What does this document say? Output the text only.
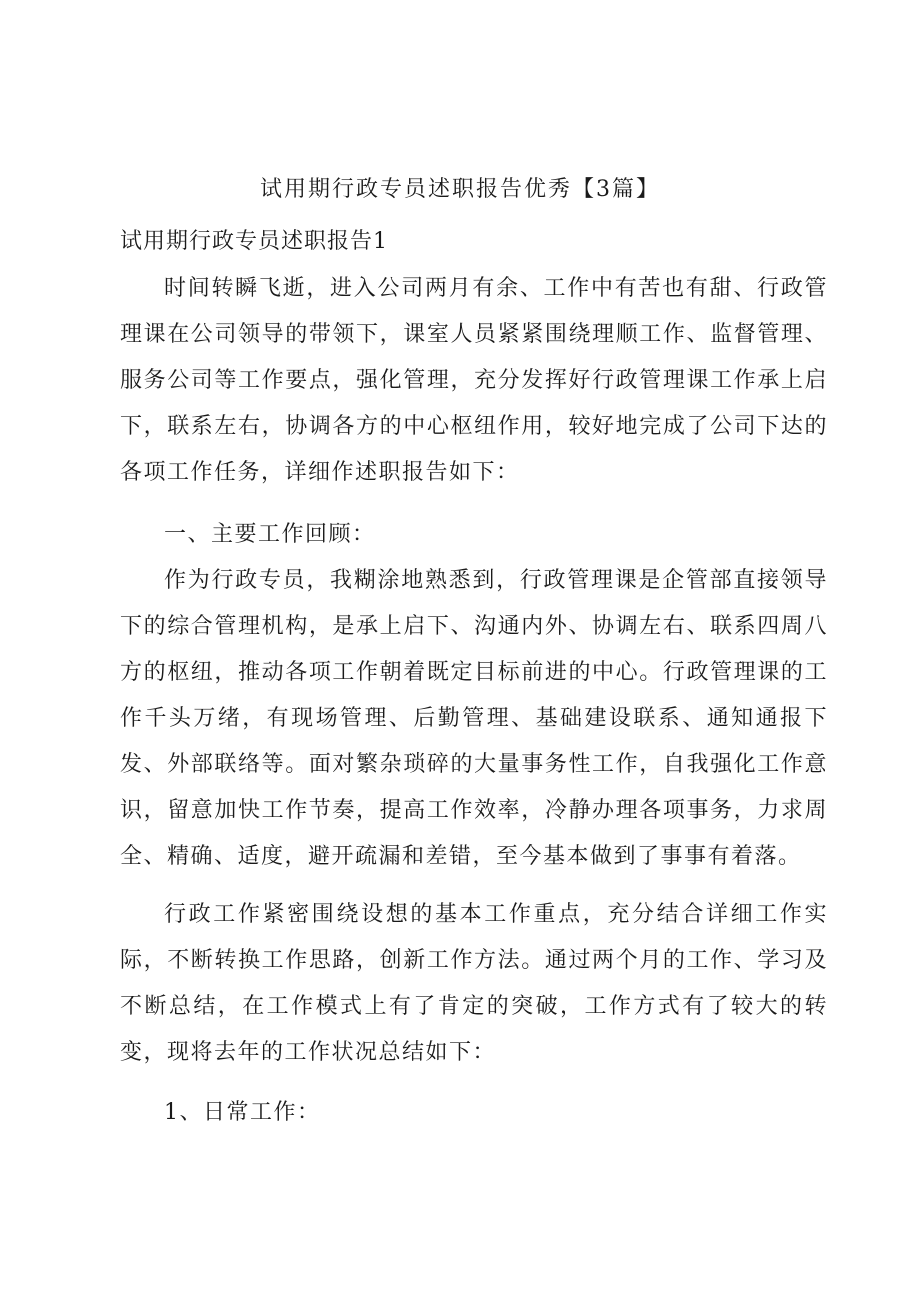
试用期行政专员述职报告优秀【3篇】
试用期行政专员述职报告1
时间转瞬飞逝，进入公司两月有余、工作中有苦也有甜、行政管理课在公司领导的带领下，课室人员紧紧围绕理顺工作、监督管理、服务公司等工作要点，强化管理，充分发挥好行政管理课工作承上启下，联系左右，协调各方的中心枢纽作用，较好地完成了公司下达的各项工作任务，详细作述职报告如下：
一、主要工作回顾：
作为行政专员，我糊涂地熟悉到，行政管理课是企管部直接领导下的综合管理机构，是承上启下、沟通内外、协调左右、联系四周八方的枢纽，推动各项工作朝着既定目标前进的中心。行政管理课的工作千头万绪，有现场管理、后勤管理、基础建设联系、通知通报下发、外部联络等。面对繁杂琐碎的大量事务性工作，自我强化工作意识，留意加快工作节奏，提高工作效率，冷静办理各项事务，力求周全、精确、适度，避开疏漏和差错，至今基本做到了事事有着落。
行政工作紧密围绕设想的基本工作重点，充分结合详细工作实际，不断转换工作思路，创新工作方法。通过两个月的工作、学习及不断总结，在工作模式上有了肯定的突破，工作方式有了较大的转变，现将去年的工作状况总结如下：
1、日常工作：
